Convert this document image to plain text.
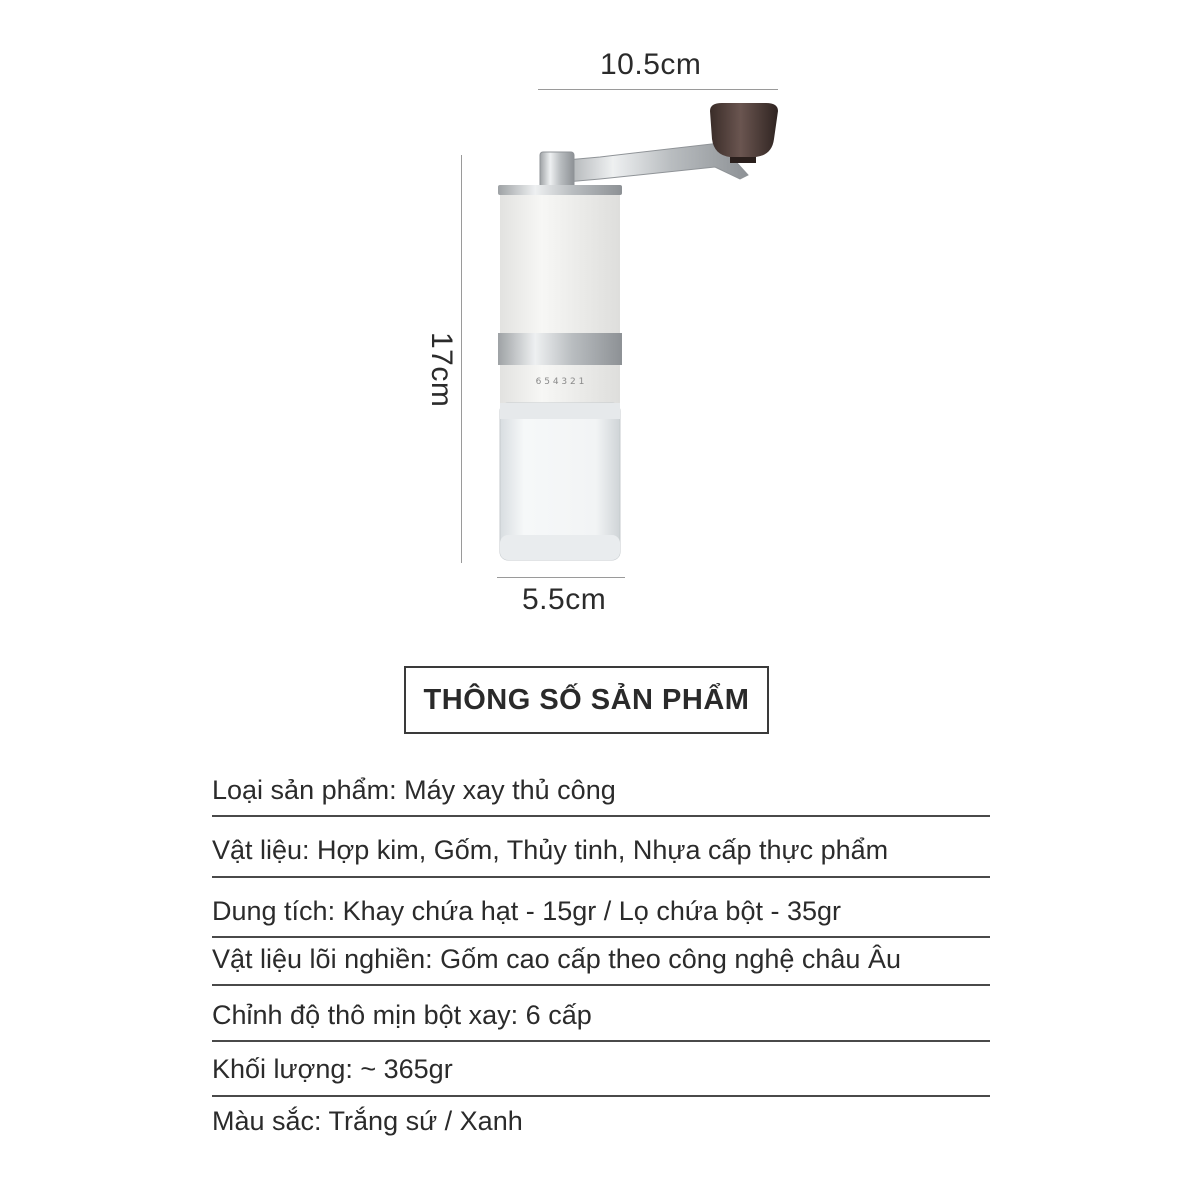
10.5cm
17cm
5.5cm
6 5 4 3 2 1
THÔNG SỐ SẢN PHẨM
Loại sản phẩm: Máy xay thủ công
Vật liệu: Hợp kim, Gốm, Thủy tinh, Nhựa cấp thực phẩm
Dung tích: Khay chứa hạt - 15gr / Lọ chứa bột - 35gr
Vật liệu lõi nghiền: Gốm cao cấp theo công nghệ châu Âu
Chỉnh độ thô mịn bột xay: 6 cấp
Khối lượng: ~ 365gr
Màu sắc: Trắng sứ / Xanh
